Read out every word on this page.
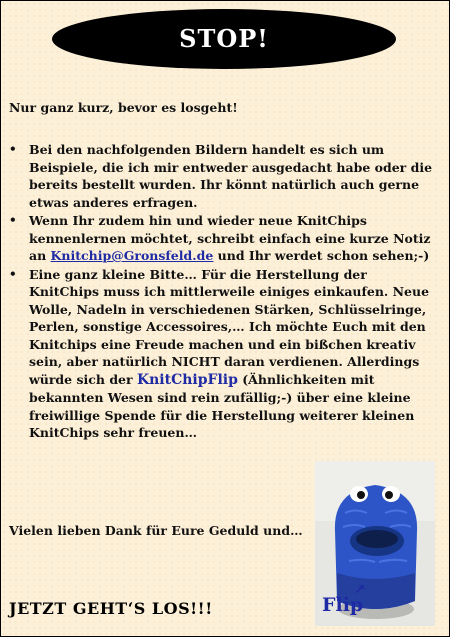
STOP!
Nur ganz kurz, bevor es losgeht!
• Bei den nachfolgenden Bildern handelt es sich um Beispiele, die ich mir entweder ausgedacht habe oder die bereits bestellt wurden. Ihr könnt natürlich auch gerne etwas anderes erfragen.
• Wenn Ihr zudem hin und wieder neue KnitChips kennenlernen möchtet, schreibt einfach eine kurze Notiz an Knitchip@Gronsfeld.de und Ihr werdet schon sehen;-)
• Eine ganz kleine Bitte… Für die Herstellung der KnitChips muss ich mittlerweile einiges einkaufen. Neue Wolle, Nadeln in verschiedenen Stärken, Schlüsselringe, Perlen, sonstige Accessoires,… Ich möchte Euch mit den Knitchips eine Freude machen und ein bißchen kreativ sein, aber natürlich NICHT daran verdienen. Allerdings würde sich der KnitChipFlip (Ähnlichkeiten mit bekannten Wesen sind rein zufällig;-) über eine kleine freiwillige Spende für die Herstellung weiterer kleinen KnitChips sehr freuen…
Vielen lieben Dank für Eure Geduld und…
JETZT GEHT‘S LOS!!!
↗
Flip
